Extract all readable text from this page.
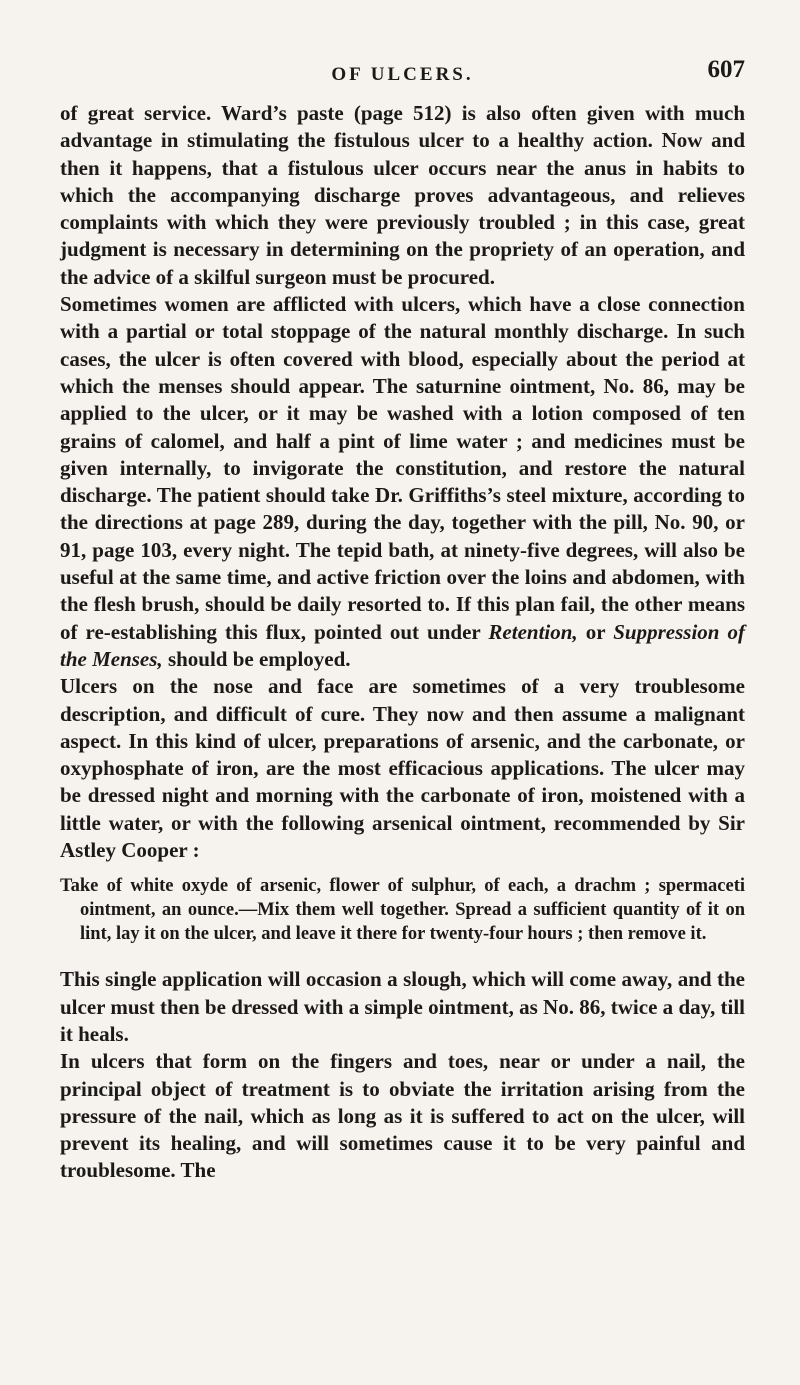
OF ULCERS.	607

of great service. Ward’s paste (page 512) is also often given with much advantage in stimulating the fistulous ulcer to a healthy action. Now and then it happens, that a fistulous ulcer occurs near the anus in habits to which the accompanying discharge proves advantageous, and relieves complaints with which they were previously troubled ; in this case, great judgment is necessary in determining on the propriety of an operation, and the advice of a skilful surgeon must be procured.

Sometimes women are afflicted with ulcers, which have a close connection with a partial or total stoppage of the natural monthly discharge. In such cases, the ulcer is often covered with blood, especially about the period at which the menses should appear. The saturnine ointment, No. 86, may be applied to the ulcer, or it may be washed with a lotion composed of ten grains of calomel, and half a pint of lime water ; and medicines must be given internally, to invigorate the constitution, and restore the natural discharge. The patient should take Dr. Griffiths’s steel mixture, according to the directions at page 289, during the day, together with the pill, No. 90, or 91, page 103, every night. The tepid bath, at ninety-five degrees, will also be useful at the same time, and active friction over the loins and abdomen, with the flesh brush, should be daily resorted to. If this plan fail, the other means of re-establishing this flux, pointed out under Retention, or Suppression of the Menses, should be employed.

Ulcers on the nose and face are sometimes of a very troublesome description, and difficult of cure. They now and then assume a malignant aspect. In this kind of ulcer, preparations of arsenic, and the carbonate, or oxyphosphate of iron, are the most efficacious applications. The ulcer may be dressed night and morning with the carbonate of iron, moistened with a little water, or with the following arsenical ointment, recommended by Sir Astley Cooper :

Take of white oxyde of arsenic, flower of sulphur, of each, a drachm ; spermaceti ointment, an ounce.—Mix them well together. Spread a sufficient quantity of it on lint, lay it on the ulcer, and leave it there for twenty-four hours ; then remove it.

This single application will occasion a slough, which will come away, and the ulcer must then be dressed with a simple ointment, as No. 86, twice a day, till it heals.

In ulcers that form on the fingers and toes, near or under a nail, the principal object of treatment is to obviate the irritation arising from the pressure of the nail, which as long as it is suffered to act on the ulcer, will prevent its healing, and will sometimes cause it to be very painful and troublesome. The
